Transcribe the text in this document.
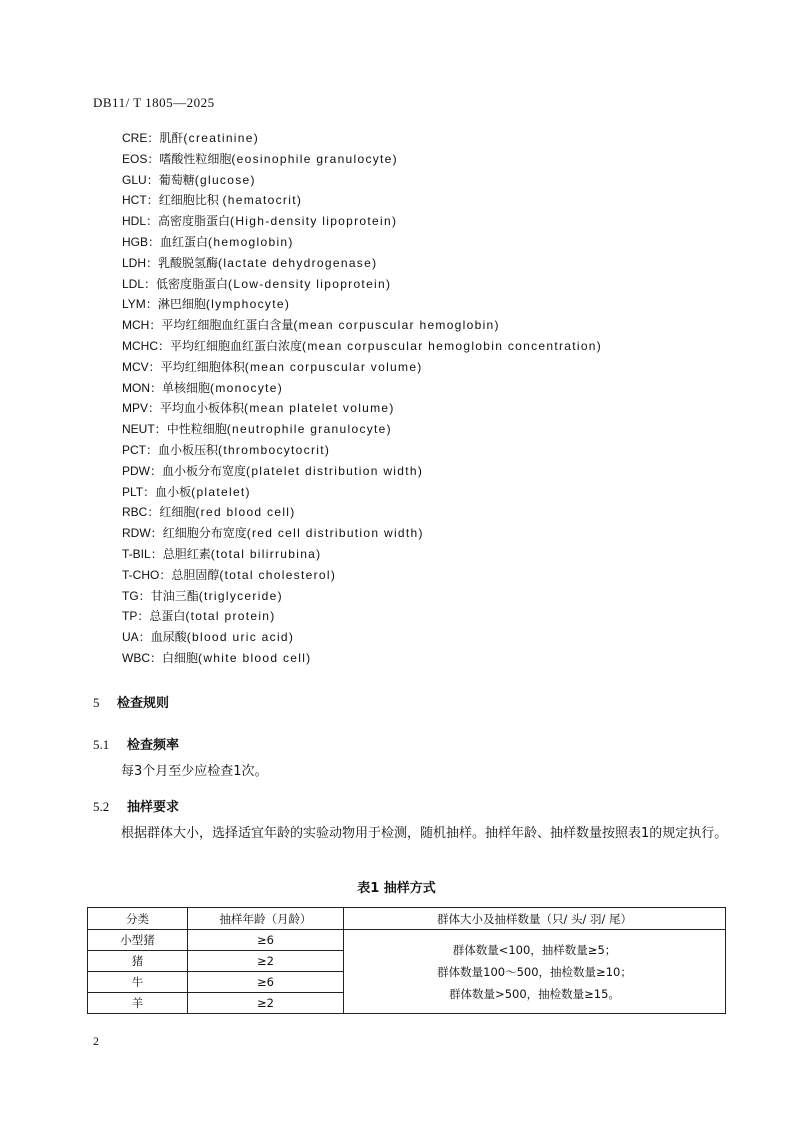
DB11/ T 1805—2025
CRE：肌酐(creatinine)
EOS：嗜酸性粒细胞(eosinophile granulocyte)
GLU：葡萄糖(glucose)
HCT：红细胞比积 (hematocrit)
HDL：高密度脂蛋白(High-density lipoprotein)
HGB：血红蛋白(hemoglobin)
LDH：乳酸脱氢酶(lactate dehydrogenase)
LDL：低密度脂蛋白(Low-density lipoprotein)
LYM：淋巴细胞(lymphocyte)
MCH：平均红细胞血红蛋白含量(mean corpuscular hemoglobin)
MCHC：平均红细胞血红蛋白浓度(mean corpuscular hemoglobin concentration)
MCV：平均红细胞体积(mean corpuscular volume)
MON：单核细胞(monocyte)
MPV：平均血小板体积(mean platelet volume)
NEUT：中性粒细胞(neutrophile granulocyte)
PCT：血小板压积(thrombocytocrit)
PDW：血小板分布宽度(platelet distribution width)
PLT：血小板(platelet)
RBC：红细胞(red blood cell)
RDW：红细胞分布宽度(red cell distribution width)
T-BIL：总胆红素(total bilirrubina)
T-CHO：总胆固醇(total cholesterol)
TG：甘油三酯(triglyceride)
TP：总蛋白(total protein)
UA：血尿酸(blood uric acid)
WBC：白细胞(white blood cell)
5 检查规则
5.1 检查频率

每3个月至少应检查1次。

5.2 抽样要求

根据群体大小，选择适宜年龄的实验动物用于检测，随机抽样。抽样年龄、抽样数量按照表1的规定执行。

表1 抽样方式
分类	抽样年龄（月龄）	群体大小及抽样数量（只/ 头/ 羽/ 尾）
小型猪	≥6	群体数量<100，抽样数量≥5；
群体数量100～500，抽检数量≥10；
群体数量>500，抽检数量≥15。

猪	≥2	
牛	≥6	
羊	≥2	
2
